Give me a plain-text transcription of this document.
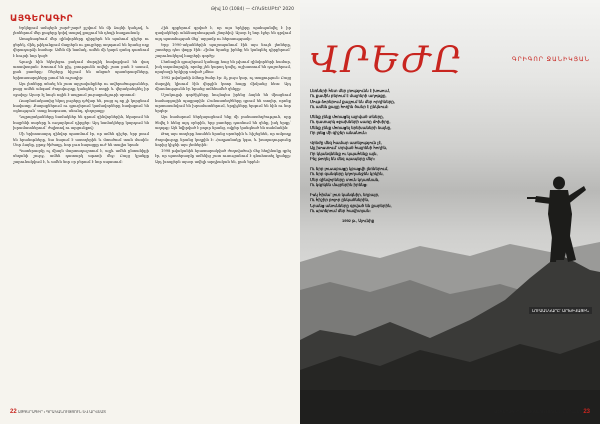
ԱՅԳԵՐԱԳԻՐ
Թիվ 10 (1084) — ՀՈԿՏԵՄԲԵՐ 2020

Երկնքում ամպերն շարժ-շարժ քշվում են մի ձայնի կանչով, և լեռներում մեր քաջերը կռիվ տալով քայլում են դեպի հաղթանակ։

Առաջնագծում մեր զինվորները դիրքերն են պահում գիշեր ու ցերեկ, մինչ թիկունքում մայրերն ու քույրերը աղոթում են նրանց ողջ վերադարձի համար։ Ամեն մի նամակ, ամեն մի կարճ զանգ դառնում է հույսի նոր կայծ։

Գյուղի հին եկեղեցու բակում մարդիկ հավաքվում են վաղ առավոտյան։ Խոսում են քիչ, լռությունն ավելի շատ բան է ասում, քան բառերը։ Ծերերը հիշում են անցած պատերազմները, երիտասարդները լսում են ուշադիր։

Այս լեռները տեսել են շատ արշավանքներ ու ավերածություններ, բայց ամեն անգամ ժողովուրդը կանգնել է ոտքի և վերականգնել իր օջախը։ Այսօր էլ նույն ոգին է ապրում յուրաքանչյուրի սրտում։

Ռազմաճակատից եկող լուրերը դժվար են, բայց ոչ ոք չի կորցնում հավատը։ Քաղաքներում ու գյուղերում կամավորները հավաքում են օգնություն՝ տաք հագուստ, սնունդ, դեղորայք։

Դպրոցականները նամակներ են գրում զինվորներին, նկարում են հայրենի սարերը և ուղարկում դիրքեր։ Այդ նամակները կարդում են խրամատներում՝ ժպիտով ու արցունքով։

Մի երիտասարդ զինվոր պատմում էր, որ ամեն գիշեր, երբ լռում են հրանոթները, նա նայում է աստղերին և մտածում տան մասին։ Մոր ձայնը, քրոջ ծիծաղը, հոր լուռ հայացքը ուժ են տալիս նրան։

Պատերազմը ոչ միայն մարտադաշտում է, այլև ամեն ընտանիքի սեղանի շուրջ, ամեն դատարկ աթոռի մեջ։ Բայց կյանքը շարունակվում է, և ամեն նոր օր բերում է նոր սպասում։

Հին գրքերում գրված է, որ այս երկիրը պահպանվել է իր զավակների անձնազոհության շնորհիվ։ Այսօր էլ նոր էջեր են գրվում այդ պատմության մեջ՝ արյամբ ու հերոսությամբ։

Երբ 1990-ականներին պաշտպանում էին այս նույն լեռները, շատերը դեռ փոքր էին։ Հիմա նրանք իրենք են կանգնել դիրքերում՝ շարունակելով հայրերի գործը։

Լեռնային գյուղերում կանայք հաց են թխում զինվորների համար, իսկ տղամարդիկ, որոնք չեն կարող կռվել, աշխատում են դաշտերում, որպեսզի երկիրը սոված չմնա։

1992 թվականի ձմեռը ծանր էր։ Ոչ լույս կար, ոչ տաքություն։ Բայց մարդիկ կիսում էին վերջին կտոր հացը միմյանց հետ։ Այդ միասնությունն էր նրանց ամենամեծ զենքը։

Մշակույթի գործիչները նույնպես իրենց ձայնն են միացնում համազգային պայքարին։ Բանաստեղծները գրում են տողեր, որոնք արտասանվում են խրամատներում, երգիչները երգում են հին ու նոր երգեր։

Այս համարում ներկայացնում ենք մի բանաստեղծություն, որը ծնվել է հենց այդ օրերին, երբ բառերը դառնում են զենք, իսկ երգը՝ աղոթք։ Այն նվիրված է բոլոր նրանց, ովքեր կանգնած են սահմանին։

Թող այս տողերը հասնեն նրանց սրտերին և հիշեցնեն, որ ամբողջ ժողովուրդը նրանց կողքին է։ Հաղթանակը կգա, և խաղաղությունը նորից կիջնի այս լեռներին։

1998 թվականին հրատարակված ժողովածուի մեջ հեղինակը գրել էր, որ պատերազմը ամենից շատ ուսուցանում է գնահատել կյանքը։ Այդ խոսքերն այսօր ավելի արդիական են, քան երբևէ։

22 ԱՅԳԵՐԱԳԻՐ • ԳՐԱԿԱՆՈՒԹՅՈՒՆ ԵՎ ԱՐՎԵՍՏ
ՎՐԵԺԸ	ԳՐԻԳՈՐ ՋԱՆԻԿՅԱՆ
Լեռների հետ մեր լռությունն է խոսում,
Ու քամին բերում է մայրերի աղոթքը,
Մութ ձորերում քայլում են մեր որդիները,
Ու ամեն քայլը հողին ծանր է ընկնում։
Մենք չենք մոռացել այրված տները,
Ու դատարկ օջախների սառը մոխիրը,
Մենք չենք մոռացել երեխաների ձայնը,
Որ լռեց մի գիշեր անանուն։
Վրեժը մեզ համար ատելություն չէ,
Այլ խոստում՝ տրված հայրենի հողին,
Որ կկանգնենք ու կպահենք այն,
Ինչ թողել են մեզ պապերը մեր։
Ու երբ լուսաբացը կբացվի լեռներում,
Ու երբ զանգերը կղողանջեն կրկին,
Մեր զինվորները տուն կդառնան,
Ու կգրկեն մայրերին իրենց։
Իսկ հիմա՝ լուռ կանգնիր, եղբայր,
Ու հիշիր բոլոր ընկածներին,
Նրանց անունները գրված են քարերին,
Ու սրտերում մեր հավիտյան։
1992 թ., Սյունիք
ԼՈՒՍԱՆԿԱՐԸ՝ ԱՐԽԻՎԱՅԻՆ
ԱՅԳԵՐԱԳԻՐ • ԳՐԱԿԱՆՈՒԹՅՈՒՆ ԵՎ ԱՐՎԵՍՏ 23
